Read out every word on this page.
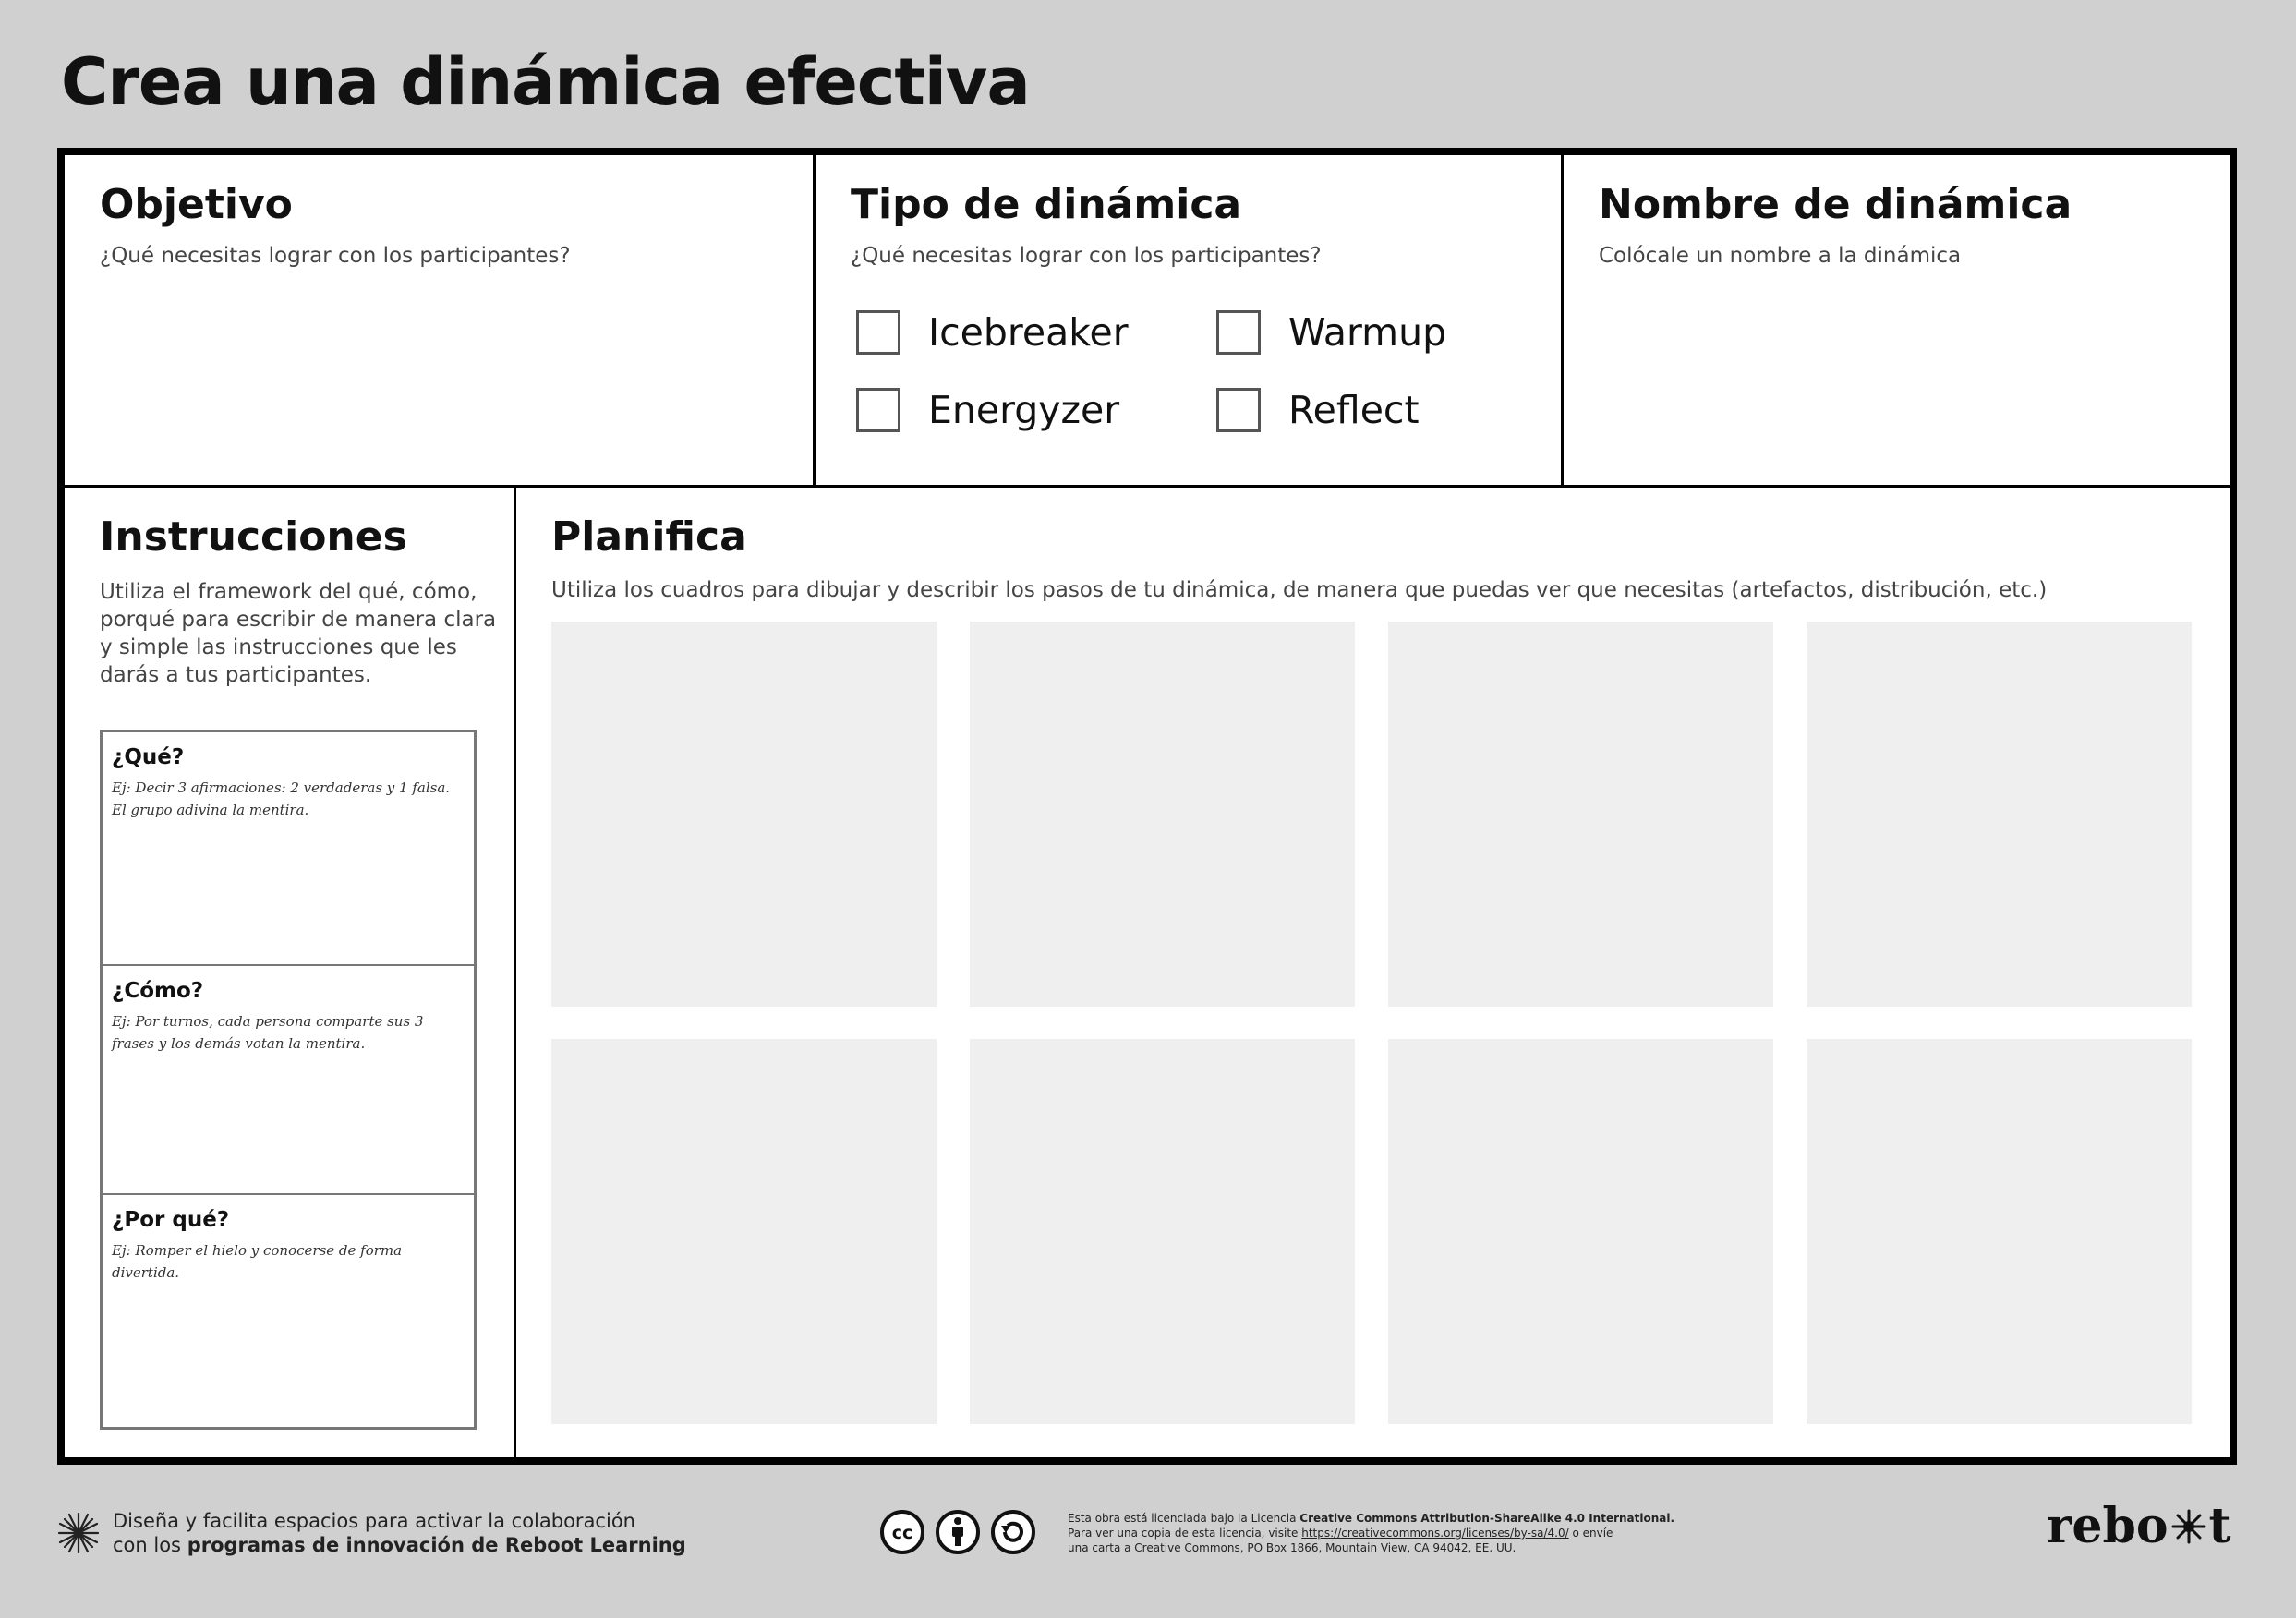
Crea una dinámica efectiva
Objetivo
¿Qué necesitas lograr con los participantes?
Tipo de dinámica
¿Qué necesitas lograr con los participantes?
Icebreaker	Warmup
Energyzer	Reflect
Nombre de dinámica
Colócale un nombre a la dinámica
Instrucciones
Utiliza el framework del qué, cómo, porqué para escribir de manera clara y simple las instrucciones que les darás a tus participantes.
¿Qué?
Ej: Decir 3 afirmaciones: 2 verdaderas y 1 falsa. El grupo adivina la mentira.
¿Cómo?
Ej: Por turnos, cada persona comparte sus 3 frases y los demás votan la mentira.
¿Por qué?
Ej: Romper el hielo y conocerse de forma divertida.
Planifica
Utiliza los cuadros para dibujar y describir los pasos de tu dinámica, de manera que puedas ver que necesitas (artefactos, distribución, etc.)
Diseña y facilita espacios para activar la colaboración
con los programas de innovación de Reboot Learning
cc
Esta obra está licenciada bajo la Licencia Creative Commons Attribution-ShareAlike 4.0 International.
Para ver una copia de esta licencia, visite https://creativecommons.org/licenses/by-sa/4.0/ o envíe
una carta a Creative Commons, PO Box 1866, Mountain View, CA 94042, EE. UU.	reb o t
